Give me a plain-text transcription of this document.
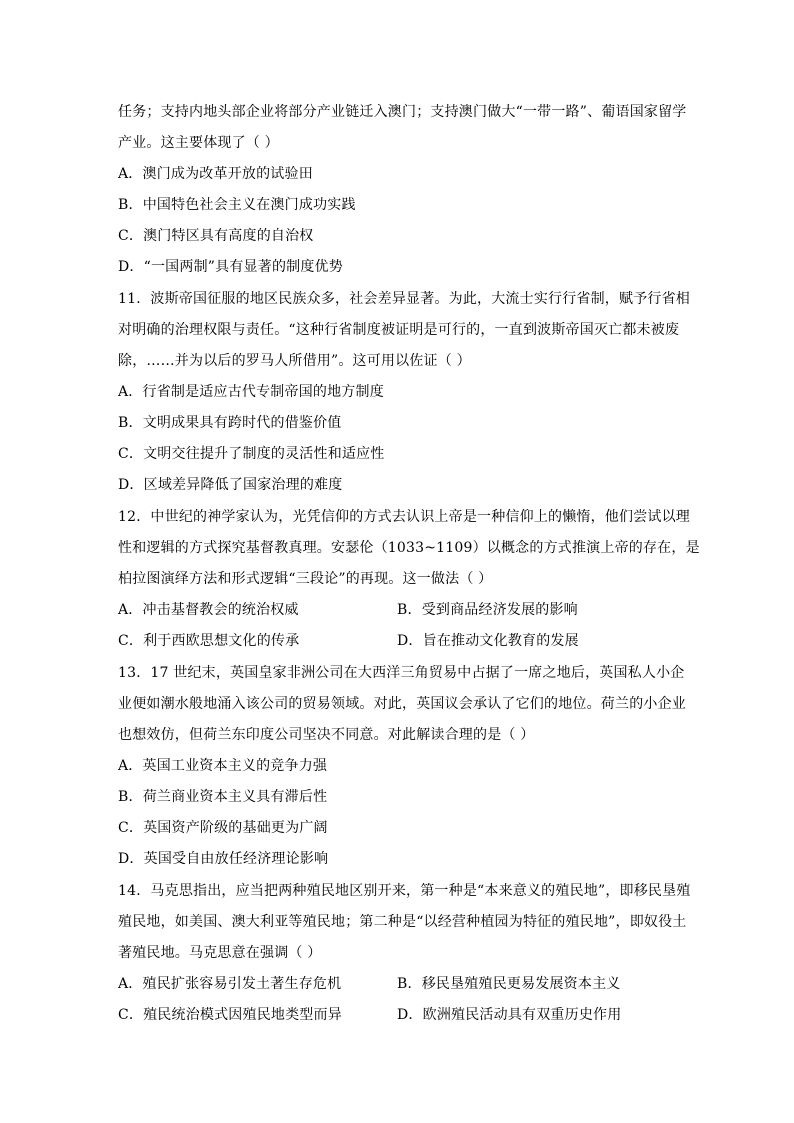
任务；支持内地头部企业将部分产业链迁入澳门；支持澳门做大“一带一路”、葡语国家留学
产业。这主要体现了（ ）
A．澳门成为改革开放的试验田
B．中国特色社会主义在澳门成功实践
C．澳门特区具有高度的自治权
D．“一国两制”具有显著的制度优势
11．波斯帝国征服的地区民族众多，社会差异显著。为此，大流士实行行省制，赋予行省相
对明确的治理权限与责任。“这种行省制度被证明是可行的，一直到波斯帝国灭亡都未被废
除，……并为以后的罗马人所借用”。这可用以佐证（ ）
A．行省制是适应古代专制帝国的地方制度
B．文明成果具有跨时代的借鉴价值
C．文明交往提升了制度的灵活性和适应性
D．区域差异降低了国家治理的难度
12．中世纪的神学家认为，光凭信仰的方式去认识上帝是一种信仰上的懒惰，他们尝试以理
性和逻辑的方式探究基督教真理。安瑟伦（1033~1109）以概念的方式推演上帝的存在，是
柏拉图演绎方法和形式逻辑“三段论”的再现。这一做法（ ）
A．冲击基督教会的统治权威	B．受到商品经济发展的影响
C．利于西欧思想文化的传承	D．旨在推动文化教育的发展
13．17 世纪末，英国皇家非洲公司在大西洋三角贸易中占据了一席之地后，英国私人小企
业便如潮水般地涌入该公司的贸易领域。对此，英国议会承认了它们的地位。荷兰的小企业
也想效仿，但荷兰东印度公司坚决不同意。对此解读合理的是（ ）
A．英国工业资本主义的竞争力强
B．荷兰商业资本主义具有滞后性
C．英国资产阶级的基础更为广阔
D．英国受自由放任经济理论影响
14．马克思指出，应当把两种殖民地区别开来，第一种是“本来意义的殖民地”，即移民垦殖
殖民地，如美国、澳大利亚等殖民地；第二种是“以经营种植园为特征的殖民地”，即奴役土
著殖民地。马克思意在强调（ ）
A．殖民扩张容易引发土著生存危机	B．移民垦殖殖民更易发展资本主义
C．殖民统治模式因殖民地类型而异	D．欧洲殖民活动具有双重历史作用
